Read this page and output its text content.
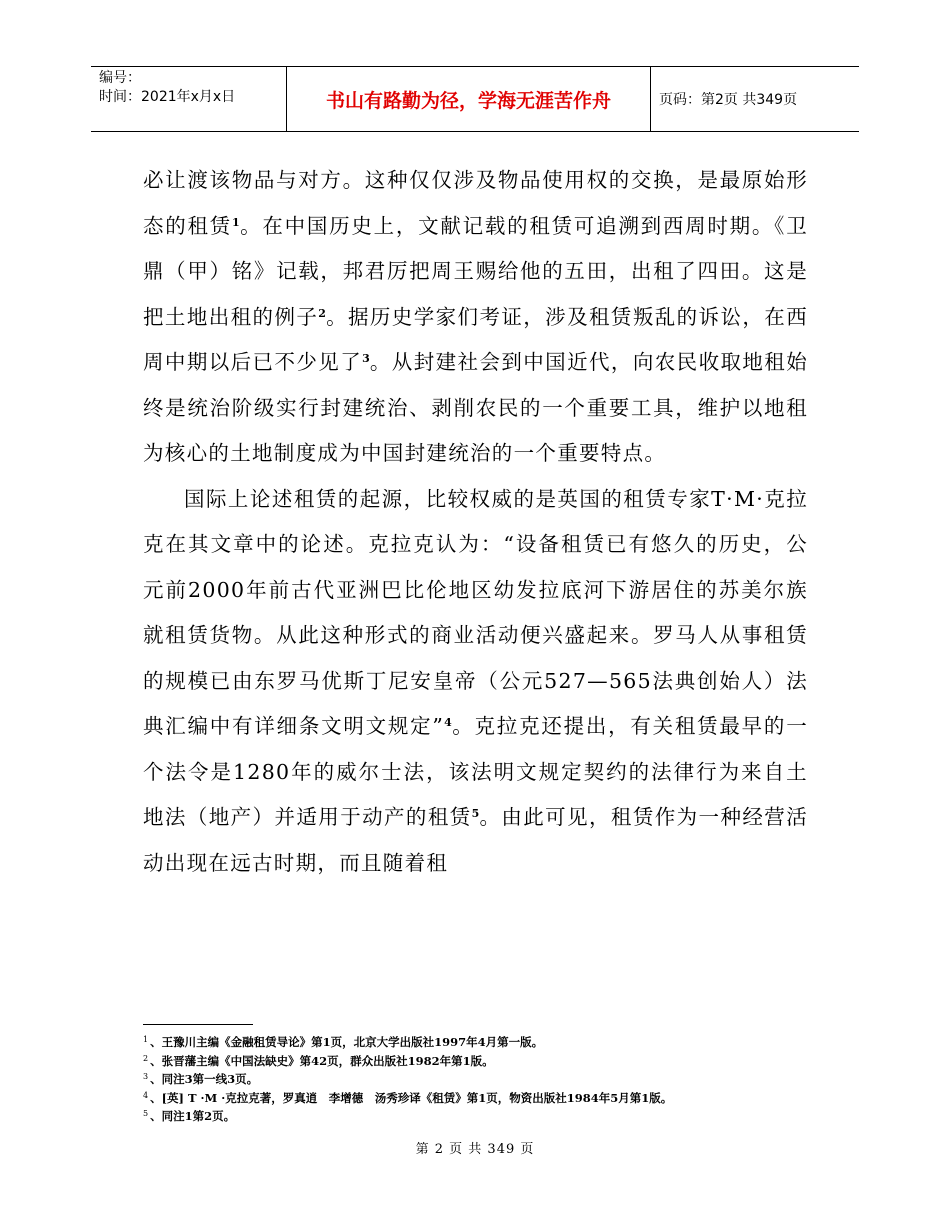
编号：
时间：2021年x月x日	书山有路勤为径，学海无涯苦作舟	页码：第2页 共349页

必让渡该物品与对方。这种仅仅涉及物品使用权的交换，是最原始形态的租赁$^1$。在中国历史上，文献记载的租赁可追溯到西周时期。《卫鼎（甲）铭》记载，邦君厉把周王赐给他的五田，出租了四田。这是把土地出租的例子$^2$。据历史学家们考证，涉及租赁叛乱的诉讼，在西周中期以后已不少见了$^3$。从封建社会到中国近代，向农民收取地租始终是统治阶级实行封建统治、剥削农民的一个重要工具，维护以地租为核心的土地制度成为中国封建统治的一个重要特点。

国际上论述租赁的起源，比较权威的是英国的租赁专家T·M·克拉克在其文章中的论述。克拉克认为：“设备租赁已有悠久的历史，公元前2000年前古代亚洲巴比伦地区幼发拉底河下游居住的苏美尔族就租赁货物。从此这种形式的商业活动便兴盛起来。罗马人从事租赁的规模已由东罗马优斯丁尼安皇帝（公元527—565法典创始人）法典汇编中有详细条文明文规定”$^4$。克拉克还提出，有关租赁最早的一个法令是1280年的威尔士法，该法明文规定契约的法律行为来自土地法（地产）并适用于动产的租赁$^5$。由此可见，租赁作为一种经营活动出现在远古时期，而且随着租

$^1$ 、王豫川主编《金融租赁导论》第1页，北京大学出版社1997年4月第一版。
$^2$ 、张晋藩主编《中国法缺史》第42页，群众出版社1982年第1版。
$^3$ 、同注3第一线3页。
$^4$ 、[英] T ·M ·克拉克著，罗真逍　李增德　汤秀珍译《租赁》第1页，物资出版社1984年5月第1版。
$^5$ 、同注1第2页。
第 2 页 共 349 页
